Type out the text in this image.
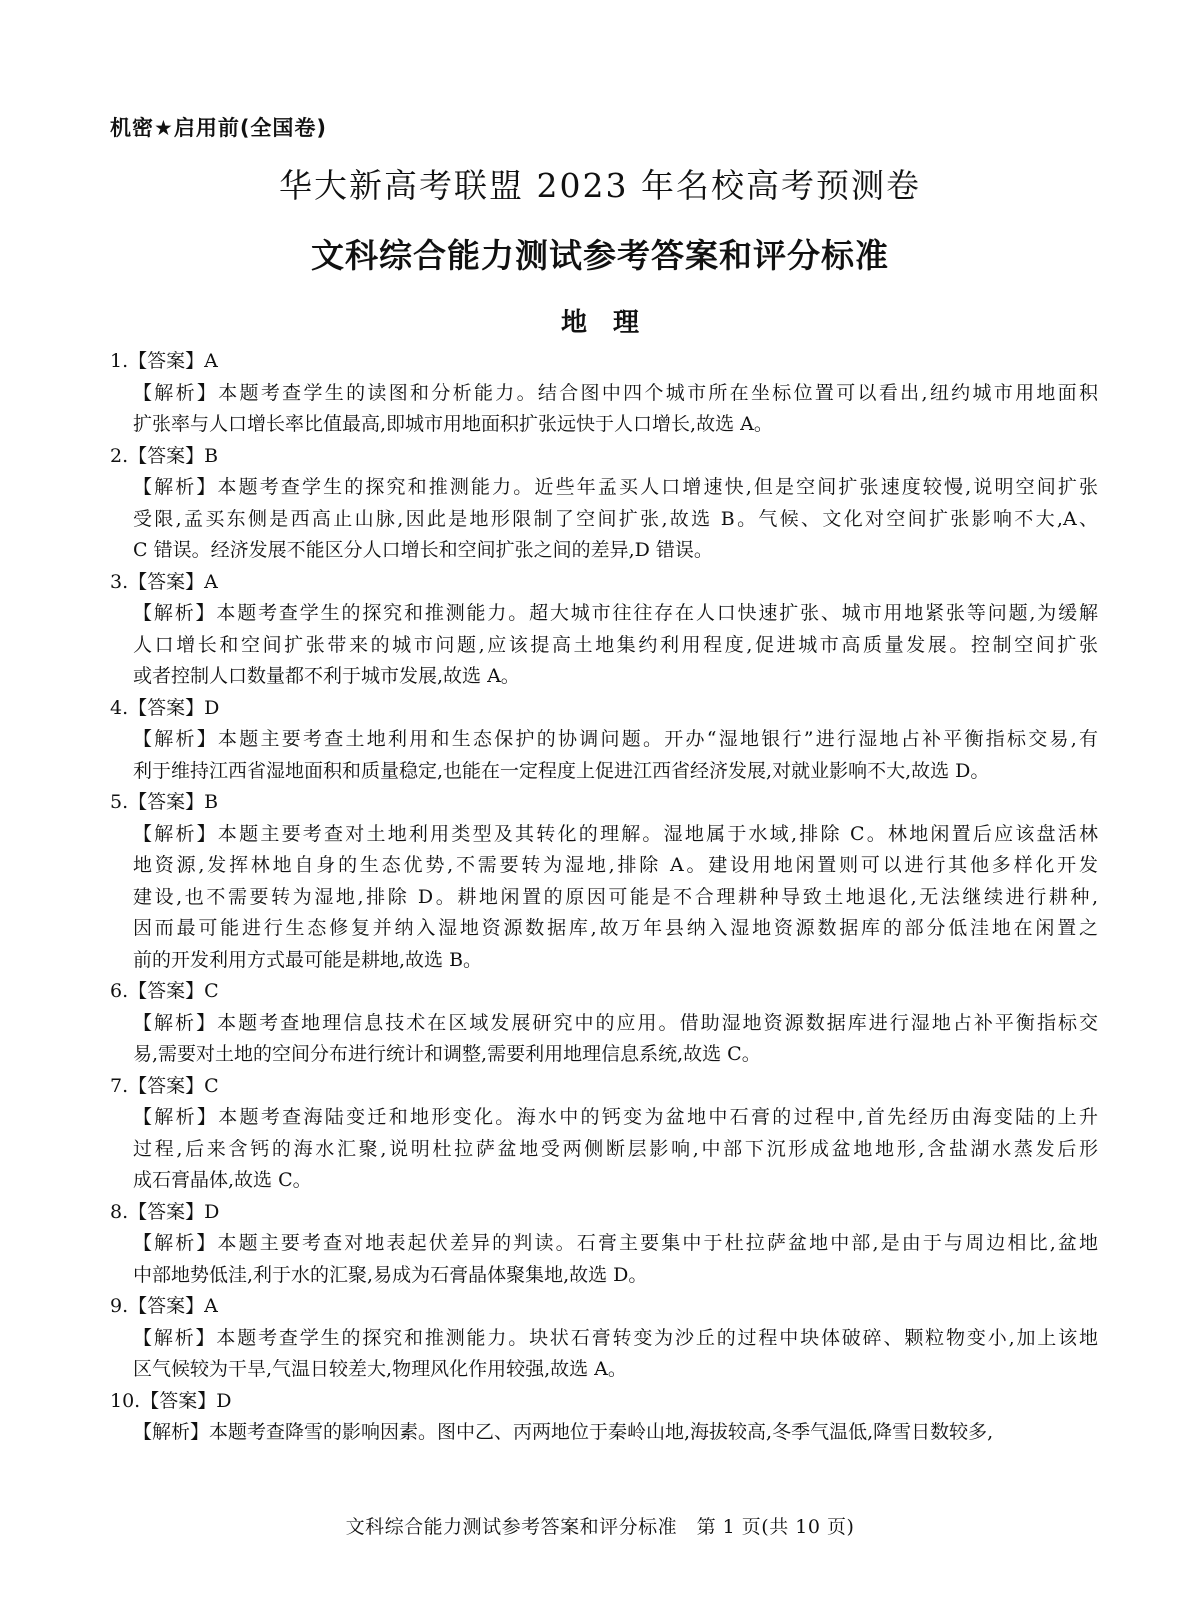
机密★启用前(全国卷)
华大新高考联盟 2023 年名校高考预测卷
文科综合能力测试参考答案和评分标准
地理
1.【答案】A
【解析】本题考查学生的读图和分析能力。结合图中四个城市所在坐标位置可以看出,纽约城市用地面积
扩张率与人口增长率比值最高,即城市用地面积扩张远快于人口增长,故选 A。
2.【答案】B
【解析】本题考查学生的探究和推测能力。近些年孟买人口增速快,但是空间扩张速度较慢,说明空间扩张
受限,孟买东侧是西高止山脉,因此是地形限制了空间扩张,故选 B。气候、文化对空间扩张影响不大,A、
C 错误。经济发展不能区分人口增长和空间扩张之间的差异,D 错误。
3.【答案】A
【解析】本题考查学生的探究和推测能力。超大城市往往存在人口快速扩张、城市用地紧张等问题,为缓解
人口增长和空间扩张带来的城市问题,应该提高土地集约利用程度,促进城市高质量发展。控制空间扩张
或者控制人口数量都不利于城市发展,故选 A。
4.【答案】D
【解析】本题主要考查土地利用和生态保护的协调问题。开办“湿地银行”进行湿地占补平衡指标交易,有
利于维持江西省湿地面积和质量稳定,也能在一定程度上促进江西省经济发展,对就业影响不大,故选 D。
5.【答案】B
【解析】本题主要考查对土地利用类型及其转化的理解。湿地属于水域,排除 C。林地闲置后应该盘活林
地资源,发挥林地自身的生态优势,不需要转为湿地,排除 A。建设用地闲置则可以进行其他多样化开发
建设,也不需要转为湿地,排除 D。耕地闲置的原因可能是不合理耕种导致土地退化,无法继续进行耕种,
因而最可能进行生态修复并纳入湿地资源数据库,故万年县纳入湿地资源数据库的部分低洼地在闲置之
前的开发利用方式最可能是耕地,故选 B。
6.【答案】C
【解析】本题考查地理信息技术在区域发展研究中的应用。借助湿地资源数据库进行湿地占补平衡指标交
易,需要对土地的空间分布进行统计和调整,需要利用地理信息系统,故选 C。
7.【答案】C
【解析】本题考查海陆变迁和地形变化。海水中的钙变为盆地中石膏的过程中,首先经历由海变陆的上升
过程,后来含钙的海水汇聚,说明杜拉萨盆地受两侧断层影响,中部下沉形成盆地地形,含盐湖水蒸发后形
成石膏晶体,故选 C。
8.【答案】D
【解析】本题主要考查对地表起伏差异的判读。石膏主要集中于杜拉萨盆地中部,是由于与周边相比,盆地
中部地势低洼,利于水的汇聚,易成为石膏晶体聚集地,故选 D。
9.【答案】A
【解析】本题考查学生的探究和推测能力。块状石膏转变为沙丘的过程中块体破碎、颗粒物变小,加上该地
区气候较为干旱,气温日较差大,物理风化作用较强,故选 A。
10.【答案】D
【解析】本题考查降雪的影响因素。图中乙、丙两地位于秦岭山地,海拔较高,冬季气温低,降雪日数较多,
文科综合能力测试参考答案和评分标准　第 1 页(共 10 页)
